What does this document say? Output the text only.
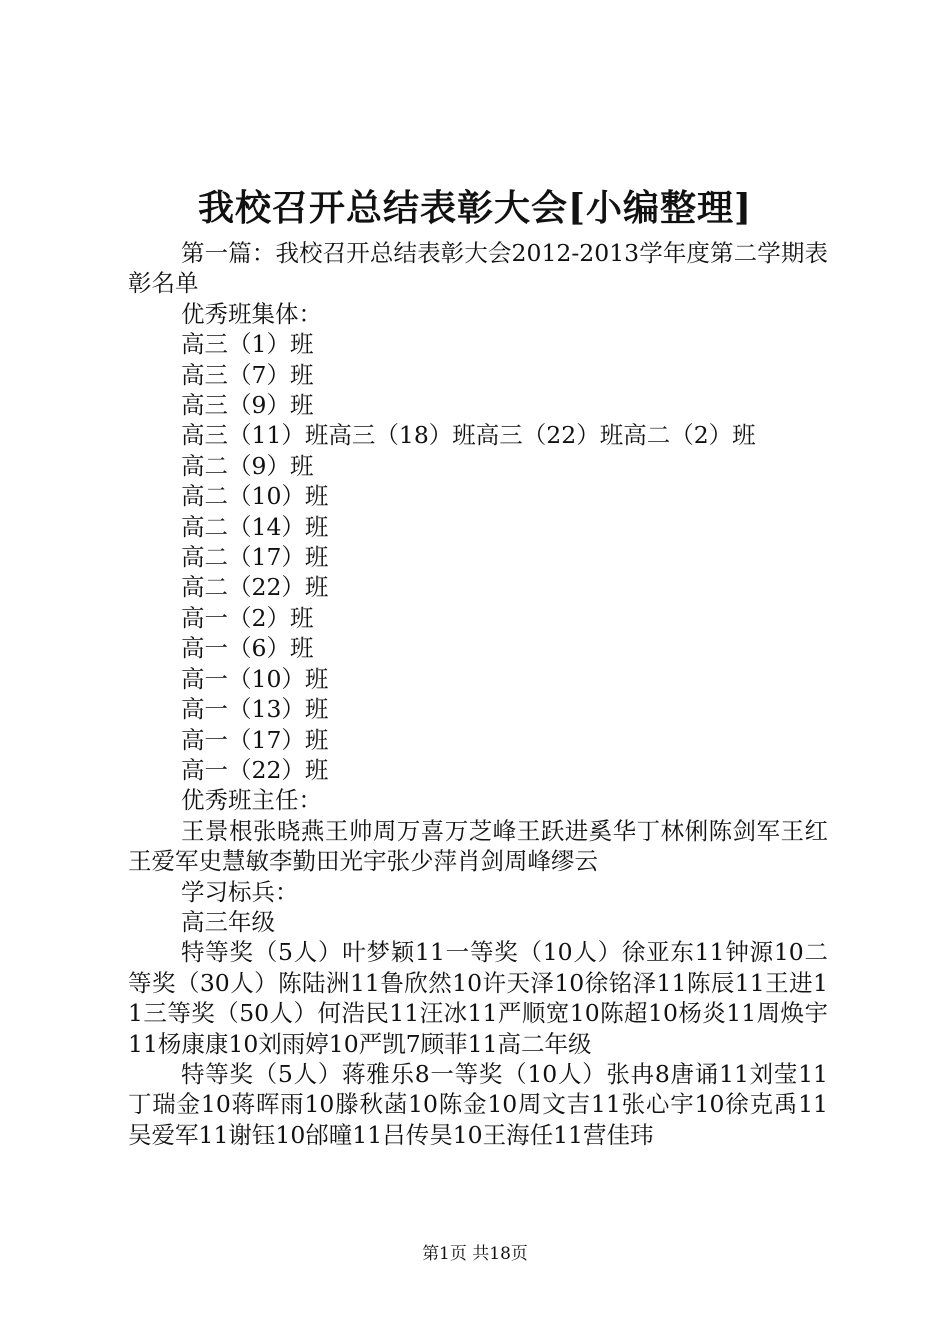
我校召开总结表彰大会[小编整理]

第一篇：我校召开总结表彰大会2012-2013学年度第二学期表彰名单

优秀班集体：

高三（1）班

高三（7）班

高三（9）班

高三（11）班高三（18）班高三（22）班高二（2）班

高二（9）班

高二（10）班

高二（14）班

高二（17）班

高二（22）班

高一（2）班

高一（6）班

高一（10）班

高一（13）班

高一（17）班

高一（22）班

优秀班主任：

王景根张晓燕王帅周万喜万芝峰王跃进奚华丁林俐陈剑军王红王爱军史慧敏李勤田光宇张少萍肖剑周峰缪云

学习标兵：

高三年级

特等奖（5人）叶梦颖11一等奖（10人）徐亚东11钟源10二等奖（30人）陈陆洲11鲁欣然10许天泽10徐铭泽11陈辰11王进11三等奖（50人）何浩民11汪冰11严顺宽10陈超10杨炎11周焕宇11杨康康10刘雨婷10严凯7顾菲11高二年级

特等奖（5人）蒋雅乐8一等奖（10人）张冉8唐诵11刘莹11丁瑞金10蒋晖雨10滕秋菡10陈金10周文吉11张心宇10徐克禹11吴爱军11谢钰10邰曈11吕传昊10王海任11营佳玮

第1页 共18页
